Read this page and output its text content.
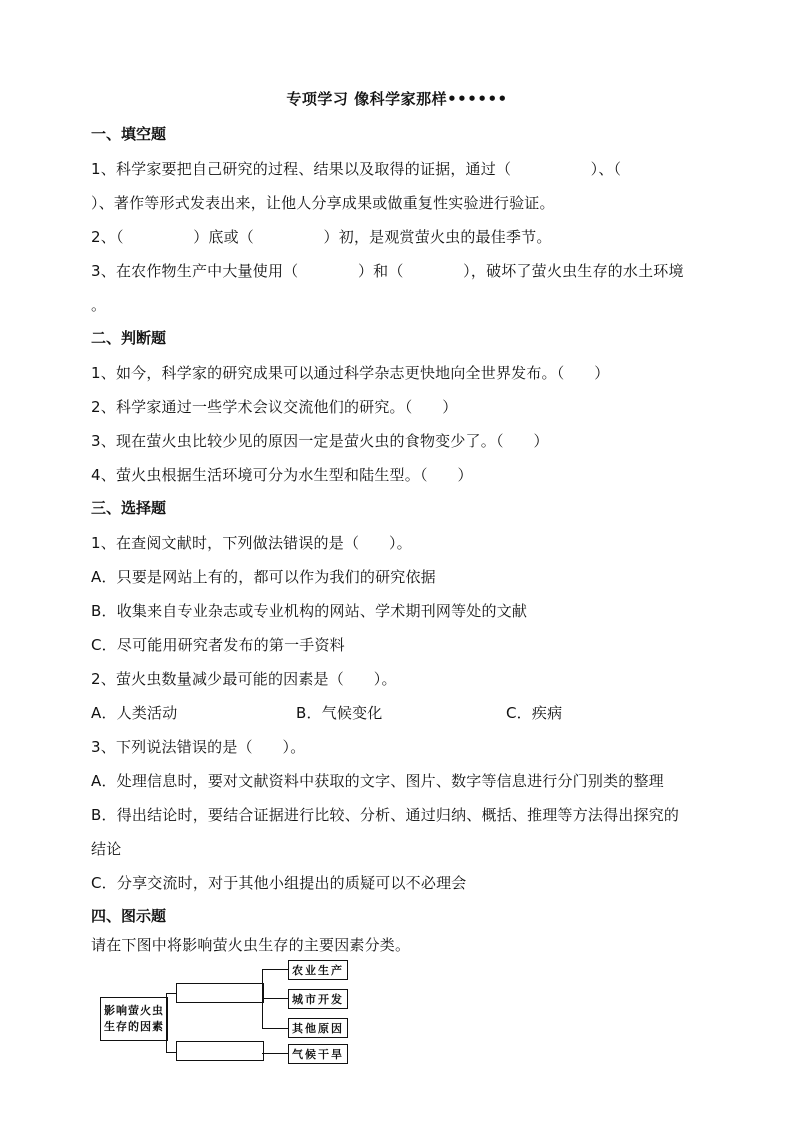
专项学习 像科学家那样••••••
一、填空题
1、科学家要把自己研究的过程、结果以及取得的证据，通过（                ）、（
）、著作等形式发表出来，让他人分享成果或做重复性实验进行验证。
2、（              ）底或（              ）初，是观赏萤火虫的最佳季节。
3、在农作物生产中大量使用（            ）和（            ），破坏了萤火虫生存的水土环境
。
二、判断题
1、如今，科学家的研究成果可以通过科学杂志更快地向全世界发布。（      ）
2、科学家通过一些学术会议交流他们的研究。（      ）
3、现在萤火虫比较少见的原因一定是萤火虫的食物变少了。（      ）
4、萤火虫根据生活环境可分为水生型和陆生型。（      ）
三、选择题
1、在查阅文献时，下列做法错误的是（      ）。
A．只要是网站上有的，都可以作为我们的研究依据
B．收集来自专业杂志或专业机构的网站、学术期刊网等处的文献
C．尽可能用研究者发布的第一手资料
2、萤火虫数量减少最可能的因素是（      ）。
A．人类活动	B．气候变化	C．疾病
3、下列说法错误的是（      ）。
A．处理信息时，要对文献资料中获取的文字、图片、数字等信息进行分门别类的整理
B．得出结论时，要结合证据进行比较、分析、通过归纳、概括、推理等方法得出探究的
结论
C．分享交流时，对于其他小组提出的质疑可以不必理会
四、图示题
请在下图中将影响萤火虫生存的主要因素分类。
影响萤火虫
生存的因素
农业生产
城市开发
其他原因
气候干旱
